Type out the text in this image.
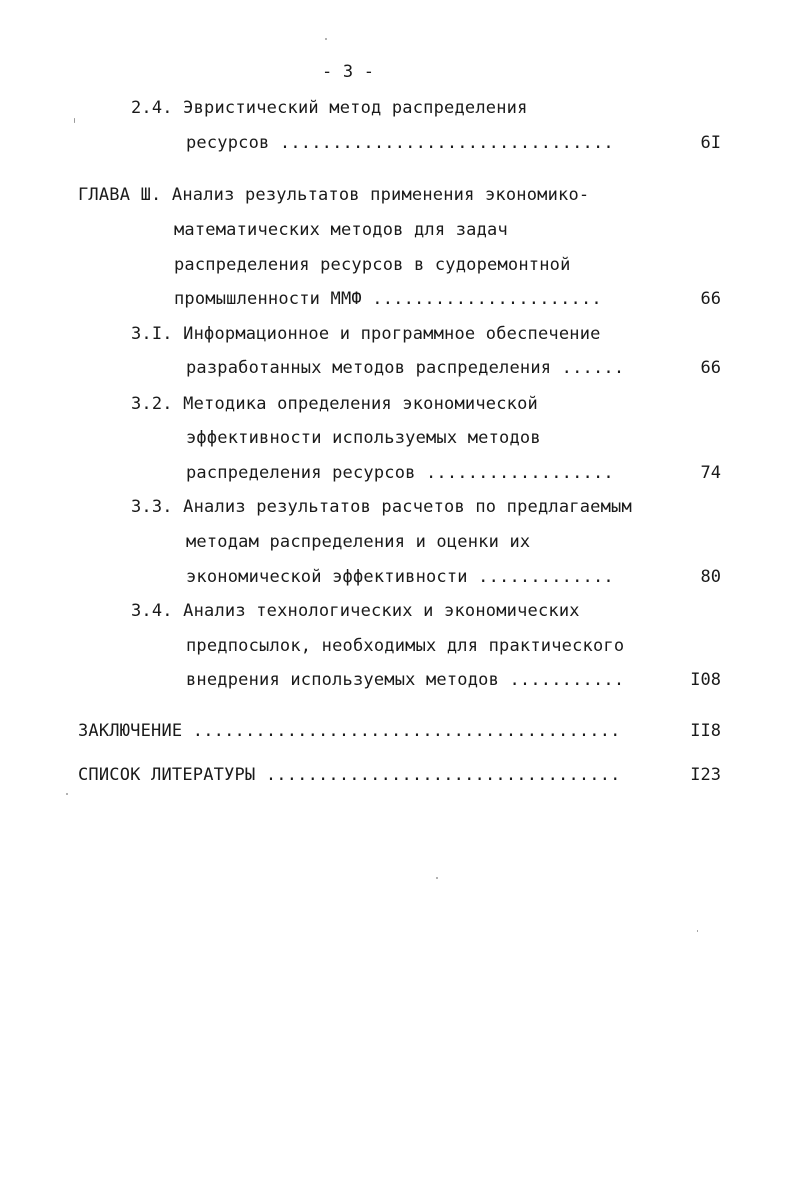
- 3 -
2.4. Эвристический метод распределения
ресурсов ................................	6I
ГЛАВА Ш. Анализ результатов применения экономико-
математических методов для задач
распределения ресурсов в судоремонтной
промышленности ММФ ......................	66
3.I. Информационное и программное обеспечение
разработанных методов распределения ......	66
3.2. Методика определения экономической
эффективности используемых методов
распределения ресурсов ..................	74
3.3. Анализ результатов расчетов по предлагаемым
методам распределения и оценки их
экономической эффективности .............	80
3.4. Анализ технологических и экономических
предпосылок, необходимых для практического
внедрения используемых методов ...........	I08
ЗАКЛЮЧЕНИЕ .........................................	II8
СПИСОК ЛИТЕРАТУРЫ ..................................	I23
